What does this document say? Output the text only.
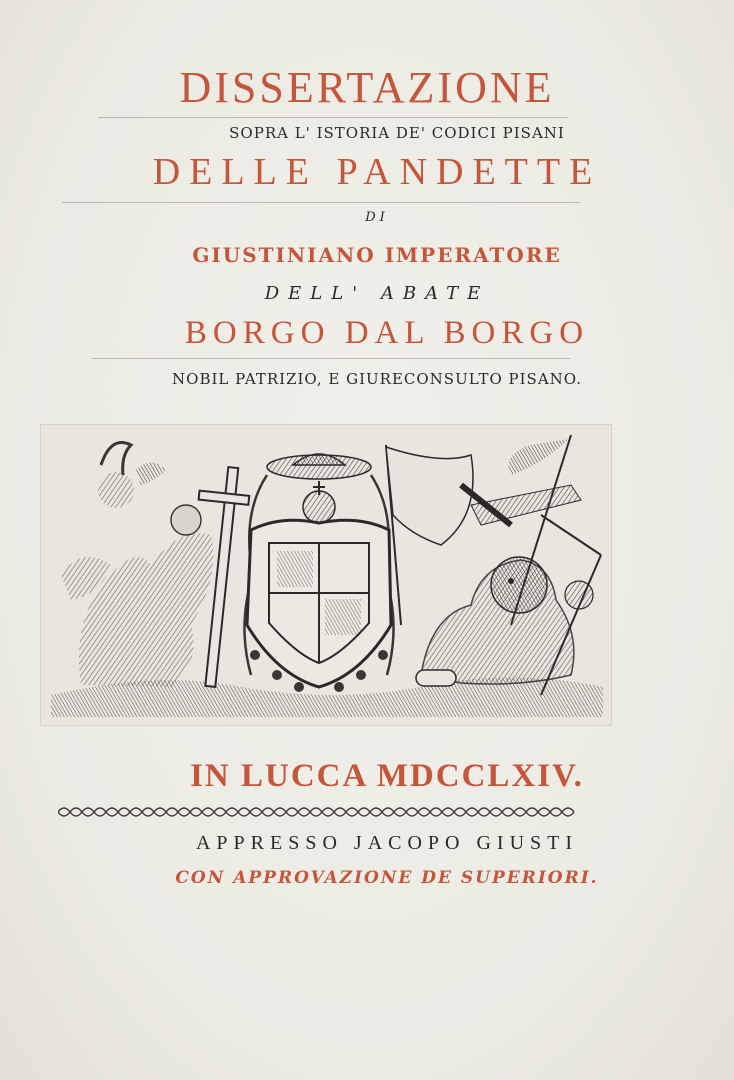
DISSERTAZIONE
SOPRA L' ISTORIA DE' CODICI PISANI
DELLE PANDETTE
DI
GIUSTINIANO IMPERATORE
DELL' ABATE
BORGO DAL BORGO
NOBIL PATRIZIO, E GIURECONSULTO PISANO.
IN LUCCA MDCCLXIV.
APPRESSO JACOPO GIUSTI
CON APPROVAZIONE DE SUPERIORI.
